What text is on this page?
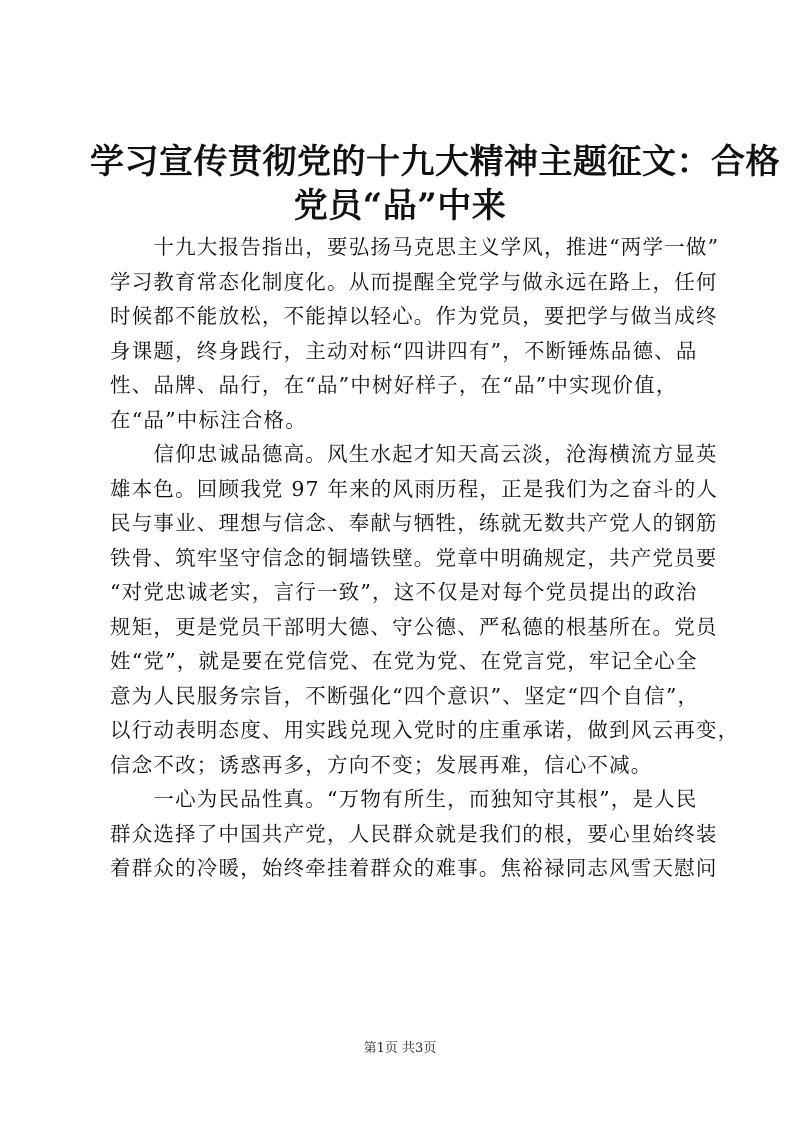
学习宣传贯彻党的十九大精神主题征文：合格
党员“品”中来

　　十九大报告指出，要弘扬马克思主义学风，推进“两学一做”
学习教育常态化制度化。从而提醒全党学与做永远在路上，任何
时候都不能放松，不能掉以轻心。作为党员，要把学与做当成终
身课题，终身践行，主动对标“四讲四有”，不断锤炼品德、品
性、品牌、品行，在“品”中树好样子，在“品”中实现价值，
在“品”中标注合格。

　　信仰忠诚品德高。风生水起才知天高云淡，沧海横流方显英
雄本色。回顾我党 97 年来的风雨历程，正是我们为之奋斗的人
民与事业、理想与信念、奉献与牺牲，练就无数共产党人的钢筋
铁骨、筑牢坚守信念的铜墙铁壁。党章中明确规定，共产党员要
“对党忠诚老实，言行一致”，这不仅是对每个党员提出的政治
规矩，更是党员干部明大德、守公德、严私德的根基所在。党员
姓“党”，就是要在党信党、在党为党、在党言党，牢记全心全
意为人民服务宗旨，不断强化“四个意识”、坚定“四个自信”，
以行动表明态度、用实践兑现入党时的庄重承诺，做到风云再变，
信念不改；诱惑再多，方向不变；发展再难，信心不减。

　　一心为民品性真。“万物有所生，而独知守其根”，是人民
群众选择了中国共产党，人民群众就是我们的根，要心里始终装
着群众的冷暖，始终牵挂着群众的难事。焦裕禄同志风雪天慰问

第1页 共3页
